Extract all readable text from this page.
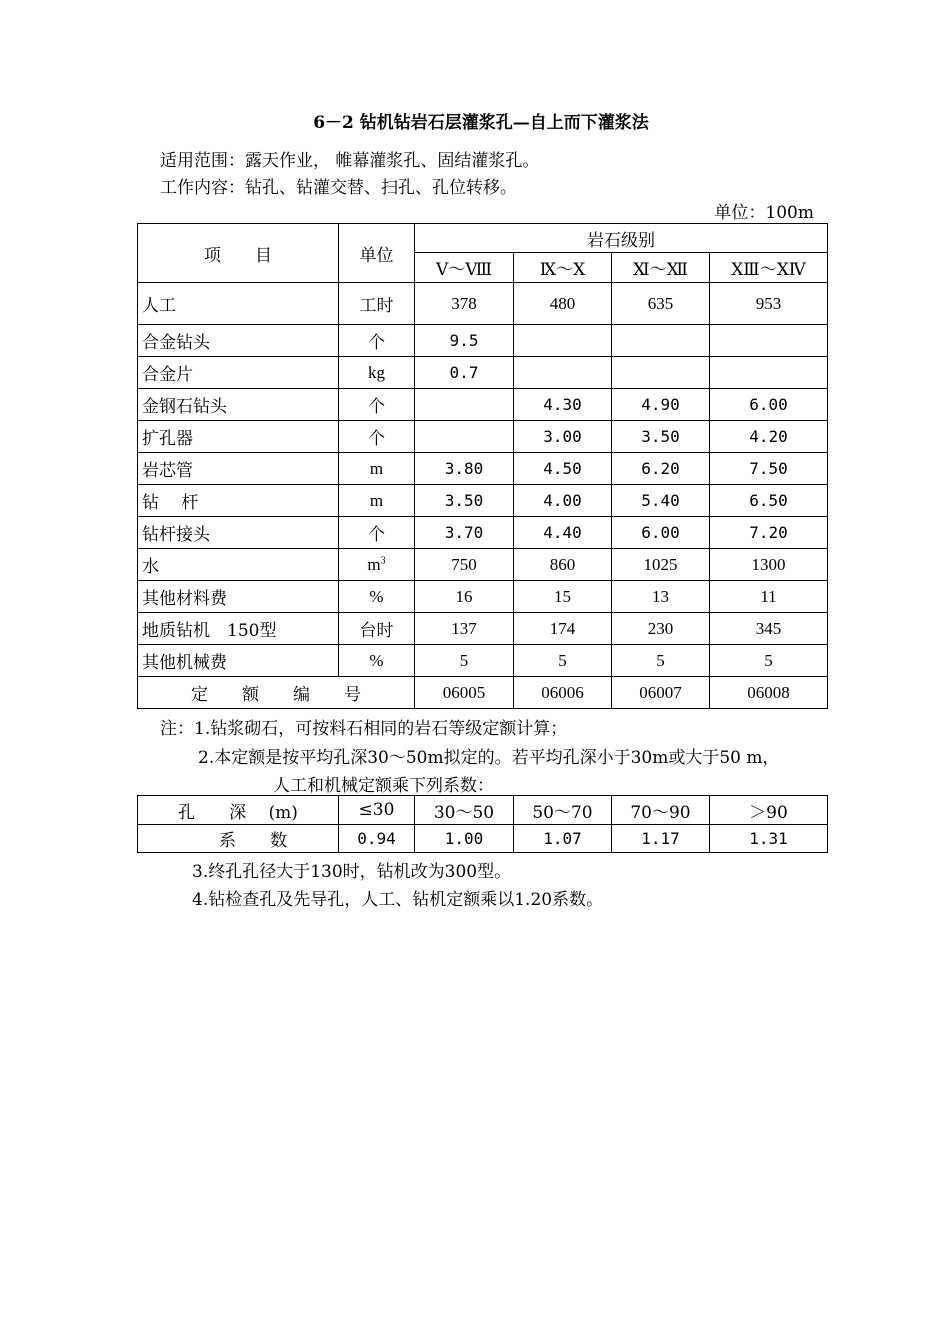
6－2 钻机钻岩石层灌浆孔—自上而下灌浆法
适用范围：露天作业， 帷幕灌浆孔、固结灌浆孔。
工作内容：钻孔、钻灌交替、扫孔、孔位转移。
单位：100m
项　　目	单位	岩石级别			
		Ⅴ～Ⅷ	Ⅸ～Ⅹ	Ⅺ～Ⅻ	ⅩⅢ～ⅩⅣ
人工	工时	378	480	635	953
合金钻头	个	9.5			
合金片	kg	0.7			
金钢石钻头	个		4.30	4.90	6.00
扩孔器	个		3.00	3.50	4.20
岩芯管	m	3.80	4.50	6.20	7.50
钻　 杆	m	3.50	4.00	5.40	6.50
钻杆接头	个	3.70	4.40	6.00	7.20
水	$m^3$	750	860	1025	1300
其他材料费	%	16	15	13	11
地质钻机　150型	台时	137	174	230	345
其他机械费	%	5	5	5	5
定　　额　　编　　号		06005	06006	06007	06008
注：1.钻浆砌石，可按料石相同的岩石等级定额计算；
2.本定额是按平均孔深30～50m拟定的。若平均孔深小于30m或大于50 m，
人工和机械定额乘下列系数：
孔　　深　 (m)	≤30	30～50	50～70	70～90	＞90
系　　数	0.94	1.00	1.07	1.17	1.31
3.终孔孔径大于130时，钻机改为300型。
4.钻检查孔及先导孔，人工、钻机定额乘以1.20系数。
